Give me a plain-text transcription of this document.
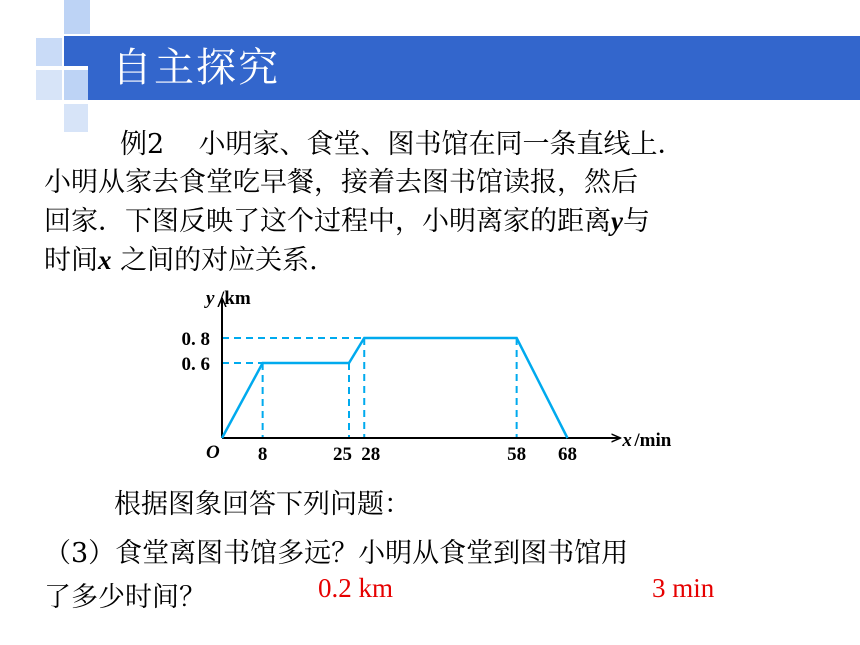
自主探究
例2 小明家、食堂、图书馆在同一条直线上．
小明从家去食堂吃早餐，接着去图书馆读报，然后
回家．下图反映了这个过程中，小明离家的距离y与
时间x 之间的对应关系.
8	25 28	58 68
0. 6
0. 8
y /km
x /min
O
根据图象回答下列问题：
（3）食堂离图书馆多远？小明从食堂到图书馆用
了多少时间？	0.2 km	3 min
